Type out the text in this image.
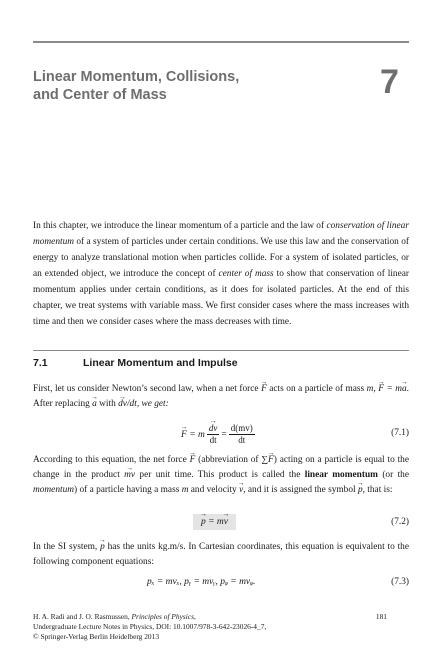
Linear Momentum, Collisions,
and Center of Mass	7

In this chapter, we introduce the linear momentum of a particle and the law of conservation of linear momentum of a system of particles under certain conditions. We use this law and the conservation of energy to analyze translational motion when particles collide. For a system of isolated particles, or an extended object, we introduce the concept of center of mass to show that conservation of linear momentum applies under certain conditions, as it does for isolated particles. At the end of this chapter, we treat systems with variable mass. We first consider cases where the mass increases with time and then we consider cases where the mass decreases with time.

7.1	Linear Momentum and Impulse

First, let us consider Newton’s second law, when a net force → F acts on a particle of mass m, → F = m→ a. After replacing → a with → dv/dt, we get:

→ F
= m
→ $\frac{dv}{dt} = \frac{d(mv)}{dt}$	(7.1)

According to this equation, the net force → F (abbreviation of ∑→ F) acting on a particle is equal to the change in the product → mv per unit time. This product is called the linear momentum (or the momentum) of a particle having a mass m and velocity → v, and it is assigned the symbol → p, that is:

→ p = m→ v	(7.2)

In the SI system, → p has the units kg.m/s. In Cartesian coordinates, this equation is equivalent to the following component equations:

pₓ = mvₓ, pᵧ = mvᵧ, pᵩ = mvᵩ.	(7.3)
H. A. Radi and J. O. Rasmussen, Principles of Physics,
Undergraduate Lecture Notes in Physics, DOI: 10.1007/978-3-642-23026-4_7,
© Springer-Verlag Berlin Heidelberg 2013
181
